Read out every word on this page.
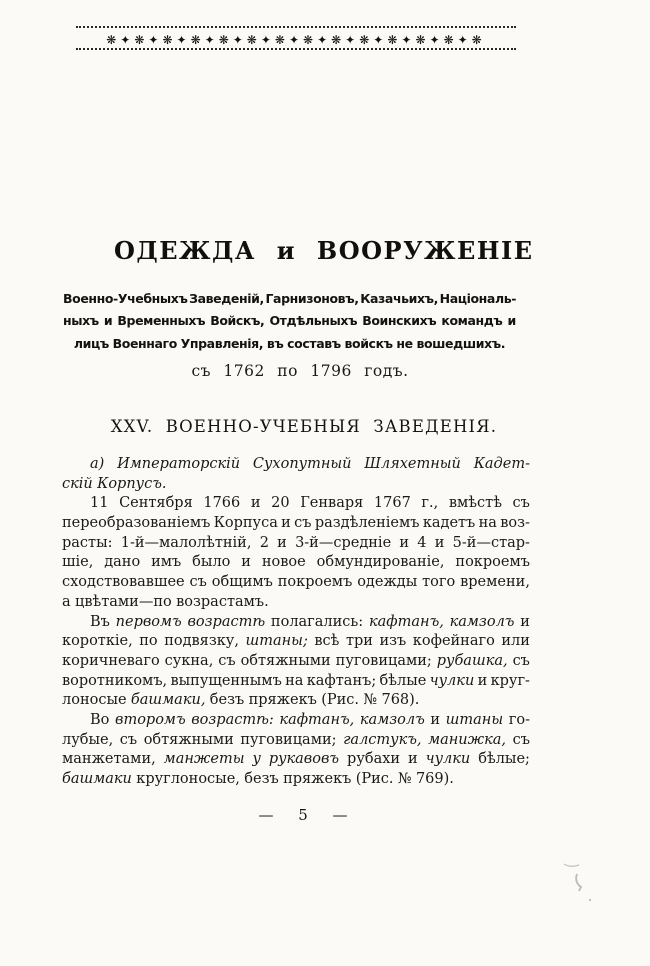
❋✦❋✦❋✦❋✦❋✦❋✦❋✦❋✦❋✦❋✦❋✦❋✦❋✦❋
ОДЕЖДА и ВООРУЖЕНІЕ
Военно-Учебныхъ Заведеній, Гарнизоновъ, Казачьихъ, Національ-
ныхъ и Временныхъ Войскъ, Отдѣльныхъ Воинскихъ командъ и
лицъ Военнаго Управленія, въ составъ войскъ не вошедшихъ.
съ 1762 по 1796 годъ.
XXV. ВОЕННО-УЧЕБНЫЯ ЗАВЕДЕНІЯ.
а) Императорскій Сухопутный Шляхетный Кадет-
скій Корпусъ.
11 Сентября 1766 и 20 Генваря 1767 г., вмѣстѣ съ
переобразованіемъ Корпуса и съ раздѣленіемъ кадетъ на воз-
расты: 1-й—малолѣтній, 2 и 3-й—средніе и 4 и 5-й—стар-
шіе, дано имъ было и новое обмундированіе, покроемъ
сходствовавшее съ общимъ покроемъ одежды того времени,
а цвѣтами—по возрастамъ.
Въ первомъ возрастѣ полагались: кафтанъ, камзолъ и
короткіе, по подвязку, штаны; всѣ три изъ кофейнаго или
коричневаго сукна, съ обтяжными пуговицами; рубашка, съ
воротникомъ, выпущеннымъ на кафтанъ; бѣлые чулки и круг-
лоносые башмаки, безъ пряжекъ (Рис. № 768).
Во второмъ возрастѣ: кафтанъ, камзолъ и штаны го-
лубые, съ обтяжными пуговицами; галстукъ, манижка, съ
манжетами, манжеты у рукавовъ рубахи и чулки бѣлые;
башмаки круглоносые, безъ пряжекъ (Рис. № 769).
— 5 —
